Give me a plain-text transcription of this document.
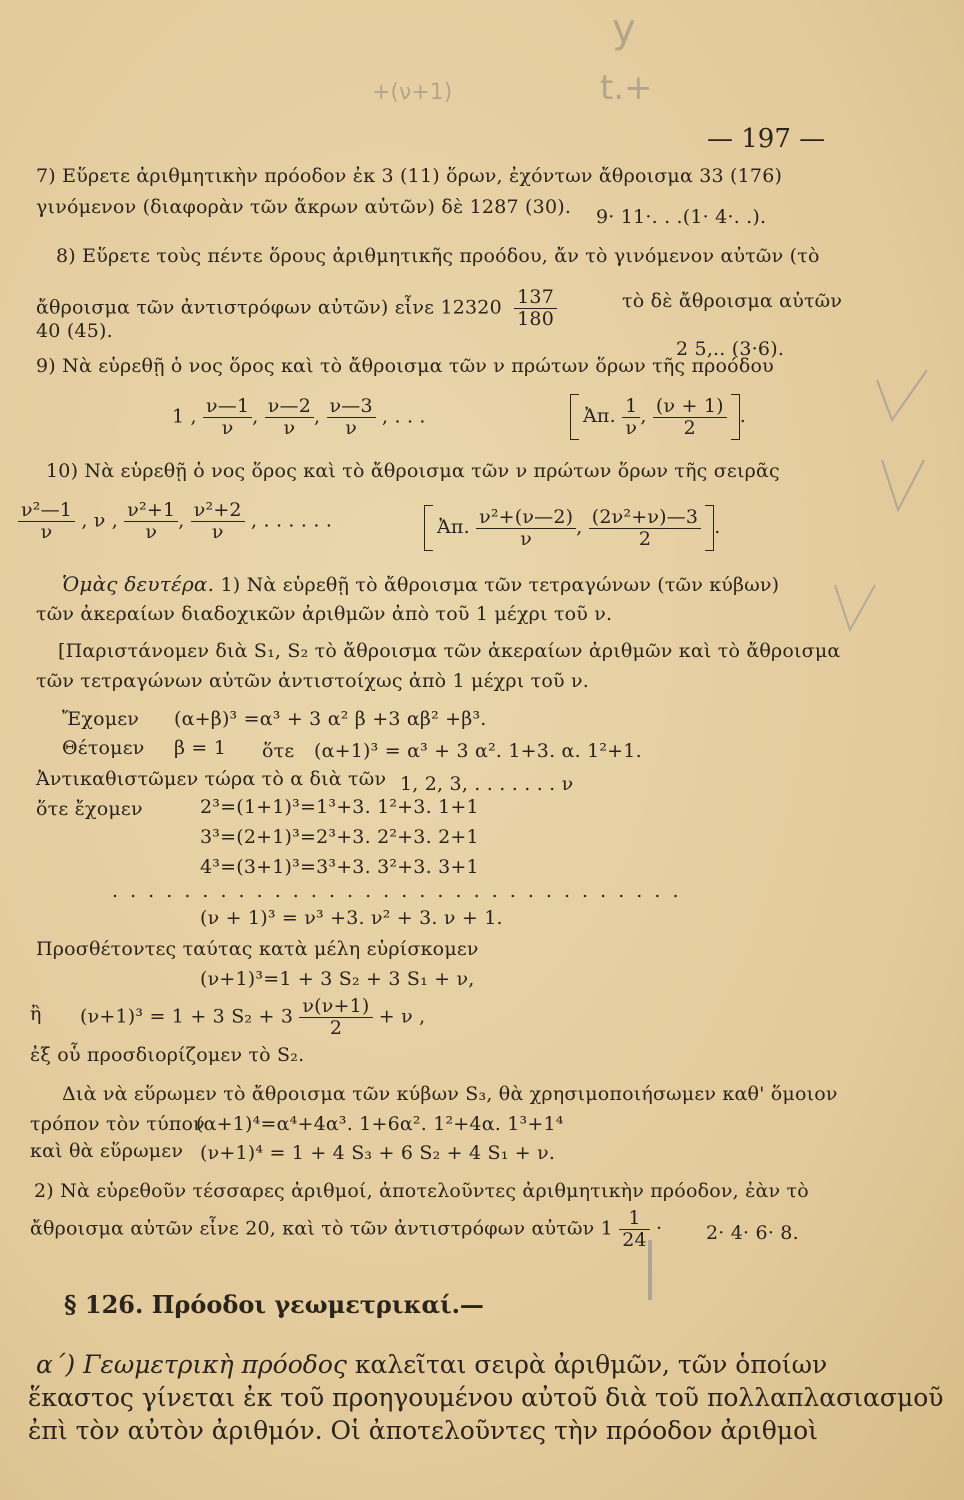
y
+(ν+1)	t.+
— 197 —
7) Εὕρετε ἀριθμητικὴν πρόοδον ἐκ 3 (11) ὅρων, ἐχόντων ἄθροισμα 33 (176)
γινόμενον (διαφορὰν τῶν ἄκρων αὐτῶν) δὲ 1287 (30). 9· 11·. . .(1· 4·. .).
8) Εὕρετε τοὺς πέντε ὅρους ἀριθμητικῆς προόδου, ἄν τὸ γινόμενον αὐτῶν (τὸ
ἄθροισμα τῶν ἀντιστρόφων αὐτῶν) εἶνε $12320 \frac{137}{180}$	τὸ δὲ ἄθροισμα αὐτῶν
40 (45).
2 5,.. (3·6).
9) Νὰ εὑρεθῇ ὁ νος ὅρος καὶ τὸ ἄθροισμα τῶν ν πρώτων ὅρων τῆς προόδου
1 , $\frac{\nu—1}{\nu}$ , $\frac{\nu—2}{\nu}$ , $\frac{\nu—3}{\nu}$ , . . .	Ἀπ. $\frac{1}{\nu}$ , $\frac{(\nu + 1)}{2}$ .
10) Νὰ εὑρεθῇ ὁ νος ὅρος καὶ τὸ ἄθροισμα τῶν ν πρώτων ὅρων τῆς σειρᾶς
$\frac{\text{ν²—1}}{\nu}$ , ν , $\frac{\text{ν²+1}}{\nu}$ , $\frac{\text{ν²+2}}{\nu}$ , . . . . . .	Ἀπ. $\frac{\text{ν²+(ν—2)}}{\nu}$ , $\frac{\text{(2ν²+ν)—3}}{2}$ .
Ὁμὰς δευτέρα. 1) Νὰ εὑρεθῇ τὸ ἄθροισμα τῶν τετραγώνων (τῶν κύβων)
τῶν ἀκεραίων διαδοχικῶν ἀριθμῶν ἀπὸ τοῦ 1 μέχρι τοῦ ν.
[Παριστάνομεν διὰ S₁, S₂ τὸ ἄθροισμα τῶν ἀκεραίων ἀριθμῶν καὶ τὸ ἄθροισμα
τῶν τετραγώνων αὐτῶν ἀντιστοίχως ἀπὸ 1 μέχρι τοῦ ν.
Ἔχομεν (α+β)³ =α³ + 3 α² β +3 αβ² +β³.
Θέτομεν β = 1 ὅτε (α+1)³ = α³ + 3 α². 1+3. α. 1²+1.
Ἀντικαθιστῶμεν τώρα τὸ α διὰ τῶν 1, 2, 3, . . . . . . . ν
ὅτε ἔχομεν	2³=(1+1)³=1³+3. 1²+3. 1+1
3³=(2+1)³=2³+3. 2²+3. 2+1
4³=(3+1)³=3³+3. 3²+3. 3+1
. . . . . . . . . . . . . . . . . . . . . . . . . . . . . . . .
(ν + 1)³ = ν³ +3. ν² + 3. ν + 1.
Προσθέτοντες ταύτας κατὰ μέλη εὑρίσκομεν
(ν+1)³=1 + 3 S₂ + 3 S₁ + ν,
ἢ (ν+1)³ = 1 + 3 $S_2 + 3 \frac{\nu(\nu+1)}{2} + \nu$ ,
ἐξ οὗ προσδιορίζομεν τὸ S₂.
Διὰ νὰ εὕρωμεν τὸ ἄθροισμα τῶν κύβων S₃, θὰ χρησιμοποιήσωμεν καθ' ὅμοιον
τρόπον τὸν τύπον
(α+1)⁴=α⁴+4α³. 1+6α². 1²+4α. 1³+1⁴
καὶ θὰ εὕρωμεν (ν+1)⁴ = 1 + 4 S₃ + 6 S₂ + 4 S₁ + ν.
2) Νὰ εὑρεθοῦν τέσσαρες ἀριθμοί, ἀποτελοῦντες ἀριθμητικὴν πρόοδον, ἐὰν τὸ
ἄθροισμα αὐτῶν εἶνε 20, καὶ τὸ τῶν ἀντιστρόφων αὐτῶν $1 \frac{1}{24} \cdot 2\cdot 4\cdot 6\cdot 8$.
§ 126. Πρόοδοι γεωμετρικαί.—
α΄) Γεωμετρικὴ πρόοδος καλεῖται σειρὰ ἀριθμῶν, τῶν ὁποίων
ἕκαστος γίνεται ἐκ τοῦ προηγουμένου αὐτοῦ διὰ τοῦ πολλαπλασιασμοῦ
ἐπὶ τὸν αὐτὸν ἀριθμόν. Οἱ ἀποτελοῦντες τὴν πρόοδον ἀριθμοὶ
